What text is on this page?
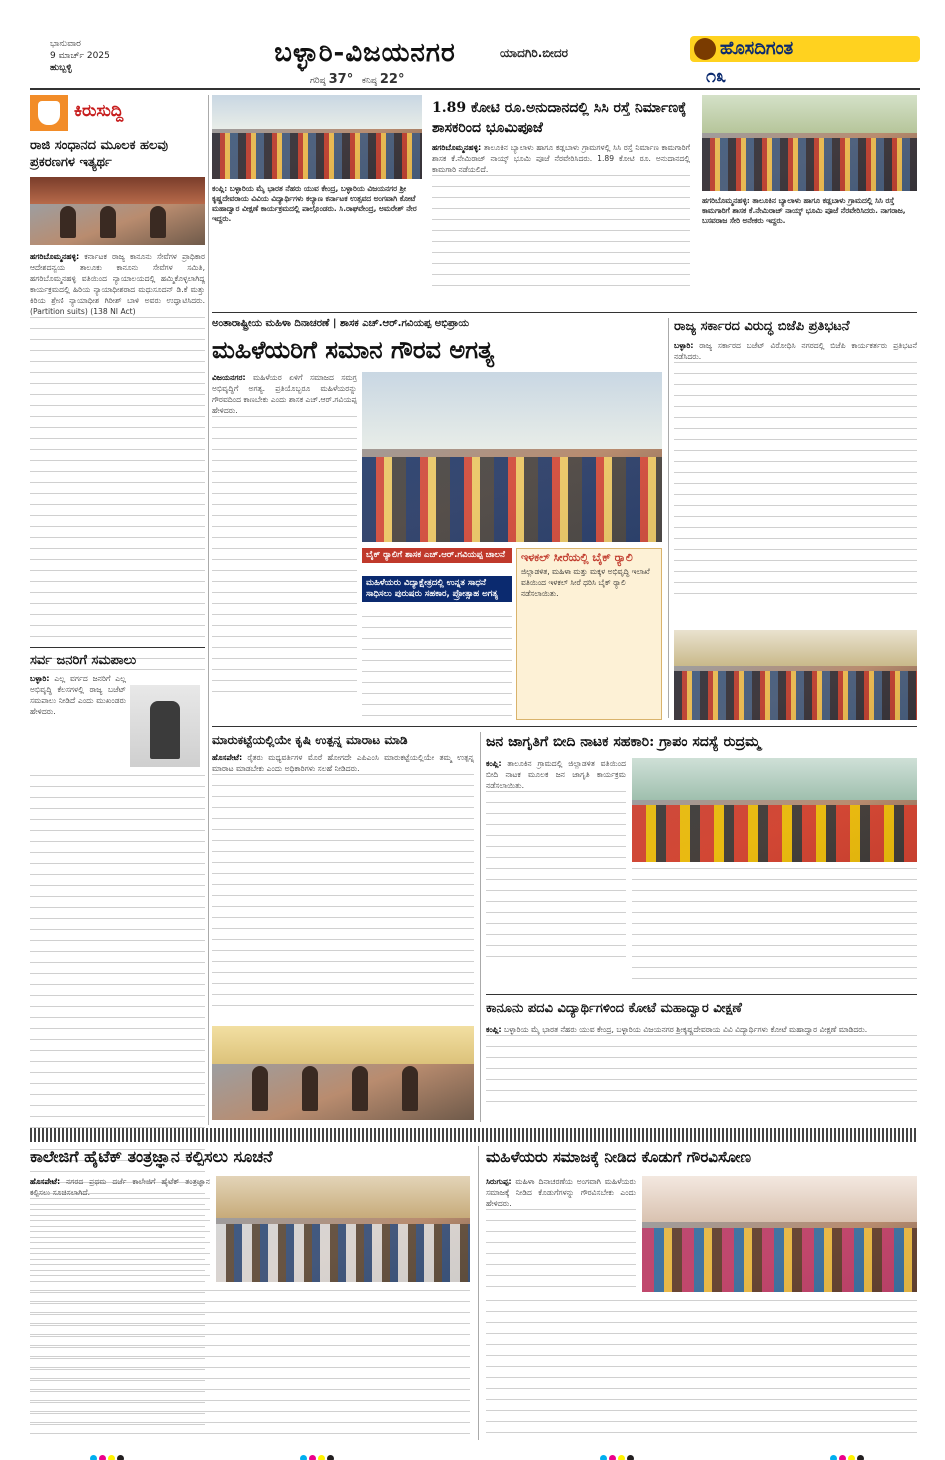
ಭಾನುವಾರ
9 ಮಾರ್ಚ್ 2025
ಹುಬ್ಬಳ್ಳಿ	ಬಳ್ಳಾರಿ-ವಿಜಯನಗರ	ಯಾದಗಿರಿ.ಬೀದರ
ಗರಿಷ್ಠ 37° ಕನಿಷ್ಠ 22°
ಹೊಸದಿಗಂತ
೧೩
ಕಿರುಸುದ್ದಿ
ರಾಜಿ ಸಂಧಾನದ ಮೂಲಕ ಹಲವು ಪ್ರಕರಣಗಳ ಇತ್ಯರ್ಥ
ಹಗರಿಬೊಮ್ಮನಹಳ್ಳಿ: ಕರ್ನಾಟಕ ರಾಜ್ಯ ಕಾನೂನು ಸೇವೆಗಳ ಪ್ರಾಧಿಕಾರ ಆದೇಶದನ್ವಯ ತಾಲೂಕು ಕಾನೂನು ಸೇವೆಗಳ ಸಮಿತಿ, ಹಗರಿಬೊಮ್ಮನಹಳ್ಳಿ ವತಿಯಿಂದ ನ್ಯಾಯಾಲಯದಲ್ಲಿ ಹಮ್ಮಿಕೊಳ್ಳಲಾಗಿದ್ದ ಕಾರ್ಯಕ್ರಮದಲ್ಲಿ ಹಿರಿಯ ನ್ಯಾಯಾಧೀಶರಾದ ಮಧುಸೂದನ್ ಡಿ.ಕೆ ಮತ್ತು ಕಿರಿಯ ಶ್ರೇಣಿ ನ್ಯಾಯಾಧೀಶ ಗಿರೀಶ್ ಬಾಳಿ ಅವರು ಉದ್ಘಾಟಿಸಿದರು. (Partition suits) (138 NI Act)
ಸರ್ವ ಜನರಿಗೆ ಸಮಪಾಲು
ಬಳ್ಳಾರಿ: ಎಲ್ಲ ವರ್ಗದ ಜನರಿಗೆ ಎಲ್ಲ ಅಭಿವೃದ್ಧಿ ಕೆಲಸಗಳಲ್ಲಿ ರಾಜ್ಯ ಬಜೆಟ್ ಸಮಪಾಲು ನೀಡಿದೆ ಎಂದು ಮುಖಂಡರು ಹೇಳಿದರು.
ಕಂಪ್ಲಿ: ಬಳ್ಳಾರಿಯ ಮೈ ಭಾರತ ನೆಹರು ಯುವ ಕೇಂದ್ರ, ಬಳ್ಳಾರಿಯ ವಿಜಯನಗರ ಶ್ರೀ ಕೃಷ್ಣದೇವರಾಯ ವಿವಿಯ ವಿದ್ಯಾರ್ಥಿಗಳು ಕಲ್ಯಾಣ ಕರ್ನಾಟಕ ಉತ್ಸವದ ಅಂಗವಾಗಿ ಕೋಟೆ ಮಹಾದ್ವಾರ ವೀಕ್ಷಣೆ ಕಾರ್ಯಕ್ರಮದಲ್ಲಿ ಪಾಲ್ಗೊಂಡರು. ಸಿ.ರಾಘವೇಂದ್ರ, ಅಮರೇಶ್ ನೇರ ಇದ್ದರು.
1.89 ಕೋಟಿ ರೂ.ಅನುದಾನದಲ್ಲಿ ಸಿಸಿ ರಸ್ತೆ ನಿರ್ಮಾಣಕ್ಕೆ ಶಾಸಕರಿಂದ ಭೂಮಿಪೂಜೆ
ಹಗರಿಬೊಮ್ಮನಹಳ್ಳಿ: ತಾಲೂಕಿನ ಬ್ಯಾಲಾಳು ಹಾಗೂ ಕಡ್ಲಬಾಳು ಗ್ರಾಮಗಳಲ್ಲಿ ಸಿಸಿ ರಸ್ತೆ ನಿರ್ಮಾಣ ಕಾಮಗಾರಿಗೆ ಶಾಸಕ ಕೆ.ನೇಮಿರಾಜ್ ನಾಯ್ಕ್ ಭೂಮಿ ಪೂಜೆ ನೆರವೇರಿಸಿದರು. 1.89 ಕೋಟಿ ರೂ. ಅನುದಾನದಲ್ಲಿ ಕಾಮಗಾರಿ ನಡೆಯಲಿದೆ.
ಹಗರಿಬೊಮ್ಮನಹಳ್ಳಿ: ತಾಲೂಕಿನ ಬ್ಯಾಲಾಳು ಹಾಗೂ ಕಡ್ಲಬಾಳು ಗ್ರಾಮದಲ್ಲಿ ಸಿಸಿ ರಸ್ತೆ ಕಾಮಗಾರಿಗೆ ಶಾಸಕ ಕೆ.ನೇಮಿರಾಜ್ ನಾಯ್ಕ್ ಭೂಮಿ ಪೂಜೆ ನೆರವೇರಿಸಿದರು. ನಾಗರಾಜ, ಬಸವರಾಜ ಸೇರಿ ಅನೇಕರು ಇದ್ದರು.
ಅಂತಾರಾಷ್ಟ್ರೀಯ ಮಹಿಳಾ ದಿನಾಚರಣೆ | ಶಾಸಕ ಎಚ್.ಆರ್.ಗವಿಯಪ್ಪ ಅಭಿಪ್ರಾಯ
ಮಹಿಳೆಯರಿಗೆ ಸಮಾನ ಗೌರವ ಅಗತ್ಯ
ವಿಜಯನಗರ: ಮಹಿಳೆಯರ ಏಳಿಗೆ ಸಮಾಜದ ಸಮಗ್ರ ಅಭಿವೃದ್ಧಿಗೆ ಅಗತ್ಯ. ಪ್ರತಿಯೊಬ್ಬರೂ ಮಹಿಳೆಯರನ್ನು ಗೌರವದಿಂದ ಕಾಣಬೇಕು ಎಂದು ಶಾಸಕ ಎಚ್.ಆರ್.ಗವಿಯಪ್ಪ ಹೇಳಿದರು.
ಬೈಕ್ ರ‍್ಯಾಲಿಗೆ ಶಾಸಕ ಎಚ್.ಆರ್.ಗವಿಯಪ್ಪ ಚಾಲನೆ
ಮಹಿಳೆಯರು ವಿದ್ಯಾಕ್ಷೇತ್ರದಲ್ಲಿ ಉನ್ನತ ಸಾಧನೆ ಸಾಧಿಸಲು ಪುರುಷರು ಸಹಕಾರ, ಪ್ರೋತ್ಸಾಹ ಅಗತ್ಯ
ಇಳಕಲ್ ಸೀರೆಯಲ್ಲಿ ಬೈಕ್ ರ‍್ಯಾಲಿ
ಜಿಲ್ಲಾಡಳಿತ, ಮಹಿಳಾ ಮತ್ತು ಮಕ್ಕಳ ಅಭಿವೃದ್ಧಿ ಇಲಾಖೆ ವತಿಯಿಂದ ಇಳಕಲ್ ಸೀರೆ ಧರಿಸಿ ಬೈಕ್ ರ‍್ಯಾಲಿ ನಡೆಸಲಾಯಿತು.
ರಾಜ್ಯ ಸರ್ಕಾರದ ವಿರುದ್ಧ ಬಿಜೆಪಿ ಪ್ರತಿಭಟನೆ
ಬಳ್ಳಾರಿ: ರಾಜ್ಯ ಸರ್ಕಾರದ ಬಜೆಟ್ ವಿರೋಧಿಸಿ ನಗರದಲ್ಲಿ ಬಿಜೆಪಿ ಕಾರ್ಯಕರ್ತರು ಪ್ರತಿಭಟನೆ ನಡೆಸಿದರು.
ಮಾರುಕಟ್ಟೆಯಲ್ಲಿಯೇ ಕೃಷಿ ಉತ್ಪನ್ನ ಮಾರಾಟ ಮಾಡಿ
ಹೊಸಪೇಟೆ: ರೈತರು ಮಧ್ಯವರ್ತಿಗಳ ಮೊರೆ ಹೋಗದೇ ಎಪಿಎಂಸಿ ಮಾರುಕಟ್ಟೆಯಲ್ಲಿಯೇ ತಮ್ಮ ಉತ್ಪನ್ನ ಮಾರಾಟ ಮಾಡಬೇಕು ಎಂದು ಅಧಿಕಾರಿಗಳು ಸಲಹೆ ನೀಡಿದರು.
ಜನ ಜಾಗೃತಿಗೆ ಬೀದಿ ನಾಟಕ ಸಹಕಾರಿ: ಗ್ರಾಪಂ ಸದಸ್ಯೆ ರುದ್ರಮ್ಮ
ಕಂಪ್ಲಿ: ತಾಲೂಕಿನ ಗ್ರಾಮದಲ್ಲಿ ಜಿಲ್ಲಾಡಳಿತ ವತಿಯಿಂದ ಬೀದಿ ನಾಟಕ ಮೂಲಕ ಜನ ಜಾಗೃತಿ ಕಾರ್ಯಕ್ರಮ ನಡೆಸಲಾಯಿತು.
ಕಾನೂನು ಪದವಿ ವಿದ್ಯಾರ್ಥಿಗಳಿಂದ ಕೋಟೆ ಮಹಾದ್ವಾರ ವೀಕ್ಷಣೆ
ಕಂಪ್ಲಿ: ಬಳ್ಳಾರಿಯ ಮೈ ಭಾರತ ನೆಹರು ಯುವ ಕೇಂದ್ರ, ಬಳ್ಳಾರಿಯ ವಿಜಯನಗರ ಶ್ರೀಕೃಷ್ಣದೇವರಾಯ ವಿವಿ ವಿದ್ಯಾರ್ಥಿಗಳು ಕೋಟೆ ಮಹಾದ್ವಾರ ವೀಕ್ಷಣೆ ಮಾಡಿದರು.
ಕಾಲೇಜಿಗೆ ಹೈಟೆಕ್ ತಂತ್ರಜ್ಞಾನ ಕಲ್ಪಿಸಲು ಸೂಚನೆ
ಹೊಸಪೇಟೆ: ನಗರದ ಪ್ರಥಮ ದರ್ಜೆ ಕಾಲೇಜಿಗೆ ಹೈಟೆಕ್ ತಂತ್ರಜ್ಞಾನ ಕಲ್ಪಿಸಲು ಸೂಚಿಸಲಾಗಿದೆ.
ಮಹಿಳೆಯರು ಸಮಾಜಕ್ಕೆ ನೀಡಿದ ಕೊಡುಗೆ ಗೌರವಿಸೋಣ
ಸಿರುಗುಪ್ಪ: ಮಹಿಳಾ ದಿನಾಚರಣೆಯ ಅಂಗವಾಗಿ ಮಹಿಳೆಯರು ಸಮಾಜಕ್ಕೆ ನೀಡಿದ ಕೊಡುಗೆಗಳನ್ನು ಗೌರವಿಸಬೇಕು ಎಂದು ಹೇಳಿದರು.
